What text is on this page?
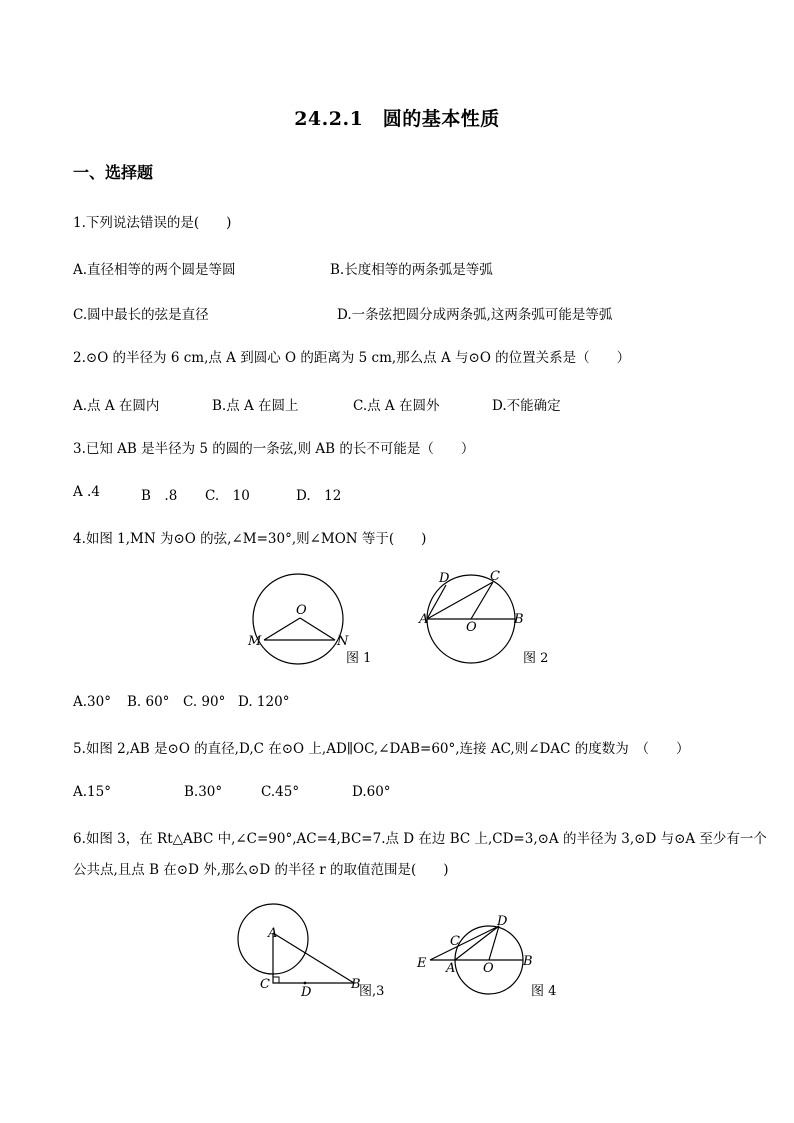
24.2.1　圆的基本性质
一、选择题
1.下列说法错误的是(　　)
A.直径相等的两个圆是等圆	B.长度相等的两条弧是等弧
C.圆中最长的弦是直径	D.一条弦把圆分成两条弧,这两条弧可能是等弧
2.⊙O 的半径为 6 cm,点 A 到圆心 O 的距离为 5 cm,那么点 A 与⊙O 的位置关系是（　　）
A.点 A 在圆内	B.点 A 在圆上	C.点 A 在圆外	D.不能确定
3.已知 AB 是半径为 5 的圆的一条弦,则 AB 的长不可能是（　　）
A .4	B　.8 C.　10	D.　12
4.如图 1,MN 为⊙O 的弦,∠M=30°,则∠MON 等于(　　)
O
M	N
图 1
D	C
A
O
B
图 2
A.30° B. 60° C. 90° D. 120°
5.如图 2,AB 是⊙O 的直径,D,C 在⊙O 上,AD∥OC,∠DAB=60°,连接 AC,则∠DAC 的度数为　（　　）
A.15°	B.30°	C.45°	D.60°
6.如图 3，在 Rt△ABC 中,∠C=90°,AC=4,BC=7.点 D 在边 BC 上,CD=3,⊙A 的半径为 3,⊙D 与⊙A 至少有一个
公共点,且点 B 在⊙D 外,那么⊙D 的半径 r 的取值范围是(　　)
A
C
D
B
图,3
D
C
E A O B
图 4
